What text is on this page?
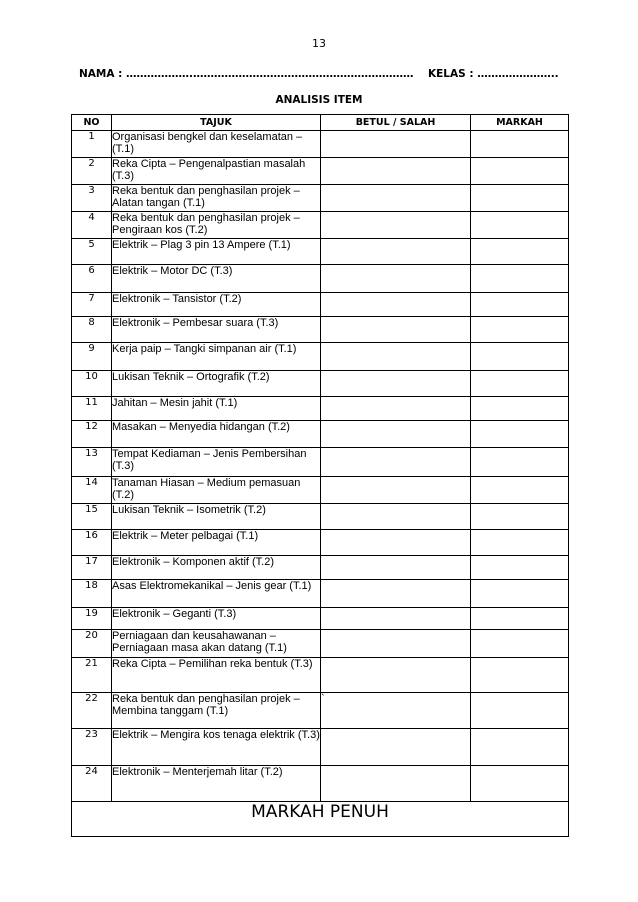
13
NAMA : ……………….……………………………………………………… KELAS : …………………..
ANALISIS ITEM
NO	TAJUK	BETUL / SALAH	MARKAH
1	Organisasi bengkel dan keselamatan – (T.1)		
2	Reka Cipta – Pengenalpastian masalah (T.3)		
3	Reka bentuk dan penghasilan projek – Alatan tangan (T.1)		
4	Reka bentuk dan penghasilan projek – Pengiraan kos (T.2)		
5	Elektrik – Plag 3 pin 13 Ampere (T.1)		
6	Elektrik – Motor DC (T.3)		
7	Elektronik – Tansistor (T.2)		
8	Elektronik – Pembesar suara (T.3)		
9	Kerja paip – Tangki simpanan air (T.1)		
10	Lukisan Teknik – Ortografik (T.2)		
11	Jahitan – Mesin jahit (T.1)		
12	Masakan – Menyedia hidangan (T.2)		
13	Tempat Kediaman – Jenis Pembersihan (T.3)		
14	Tanaman Hiasan – Medium pemasuan (T.2)		
15	Lukisan Teknik – Isometrik (T.2)		
16	Elektrik – Meter pelbagai (T.1)		
17	Elektronik – Komponen aktif (T.2)		
18	Asas Elektromekanikal – Jenis gear (T.1)		
19	Elektronik – Geganti (T.3)		
20	Perniagaan dan keusahawanan – Perniagaan masa akan datang (T.1)		
21	Reka Cipta – Pemilihan reka bentuk (T.3)		
22	Reka bentuk dan penghasilan projek – Membina tanggam (T.1)	`	
23	Elektrik – Mengira kos tenaga elektrik (T.3)		
24	Elektronik – Menterjemah litar (T.2)		
MARKAH PENUH			
